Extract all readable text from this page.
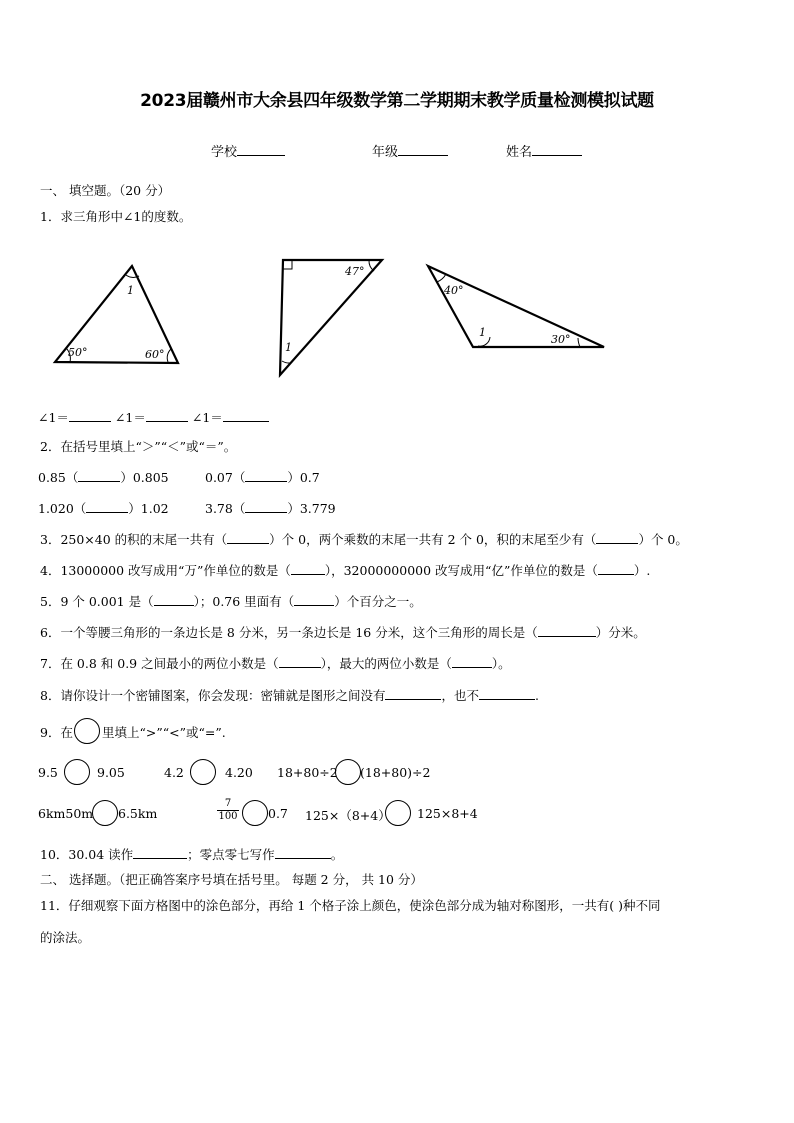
2023届赣州市大余县四年级数学第二学期期末教学质量检测模拟试题
学校	年级	姓名
一、 填空题。（20 分）
1．求三角形中∠1的度数。
1
50°	60°
47°
1
40°
1
30°
∠1＝	∠1＝	∠1＝
2．在括号里填上“＞”“＜”或“＝”。
0.85（	）0.805	0.07（	）0.7
1.020（	）1.02	3.78（	）3.779
3．250×40 的积的末尾一共有（	）个 0，两个乘数的末尾一共有 2 个 0，积的末尾至少有（	）个 0。
4．13000000 改写成用“万”作单位的数是（	），32000000000 改写成用“亿”作单位的数是（	）.
5．9 个 0.001 是（	）；0.76 里面有（	）个百分之一。
6．一个等腰三角形的一条边长是 8 分米，另一条边长是 16 分米，这个三角形的周长是（	）分米。
7．在 0.8 和 0.9 之间最小的两位小数是（	），最大的两位小数是（	）。
8．请你设计一个密铺图案，你会发现：密铺就是图形之间没有	，也不	.
9．在 里填上“>”“<”或“=”.
9.5	9.05	4.2	4.20 18+80÷2 (18+80)÷2
6km50m 6.5km	$\frac{7}{100} 0.7$ 125×（8+4） 125×8+4
10．30.04 读作	；零点零七写作	。
二、 选择题。（把正确答案序号填在括号里。 每题 2 分， 共 10 分）
11．仔细观察下面方格图中的涂色部分，再给 1 个格子涂上颜色，使涂色部分成为轴对称图形，一共有( )种不同
的涂法。
